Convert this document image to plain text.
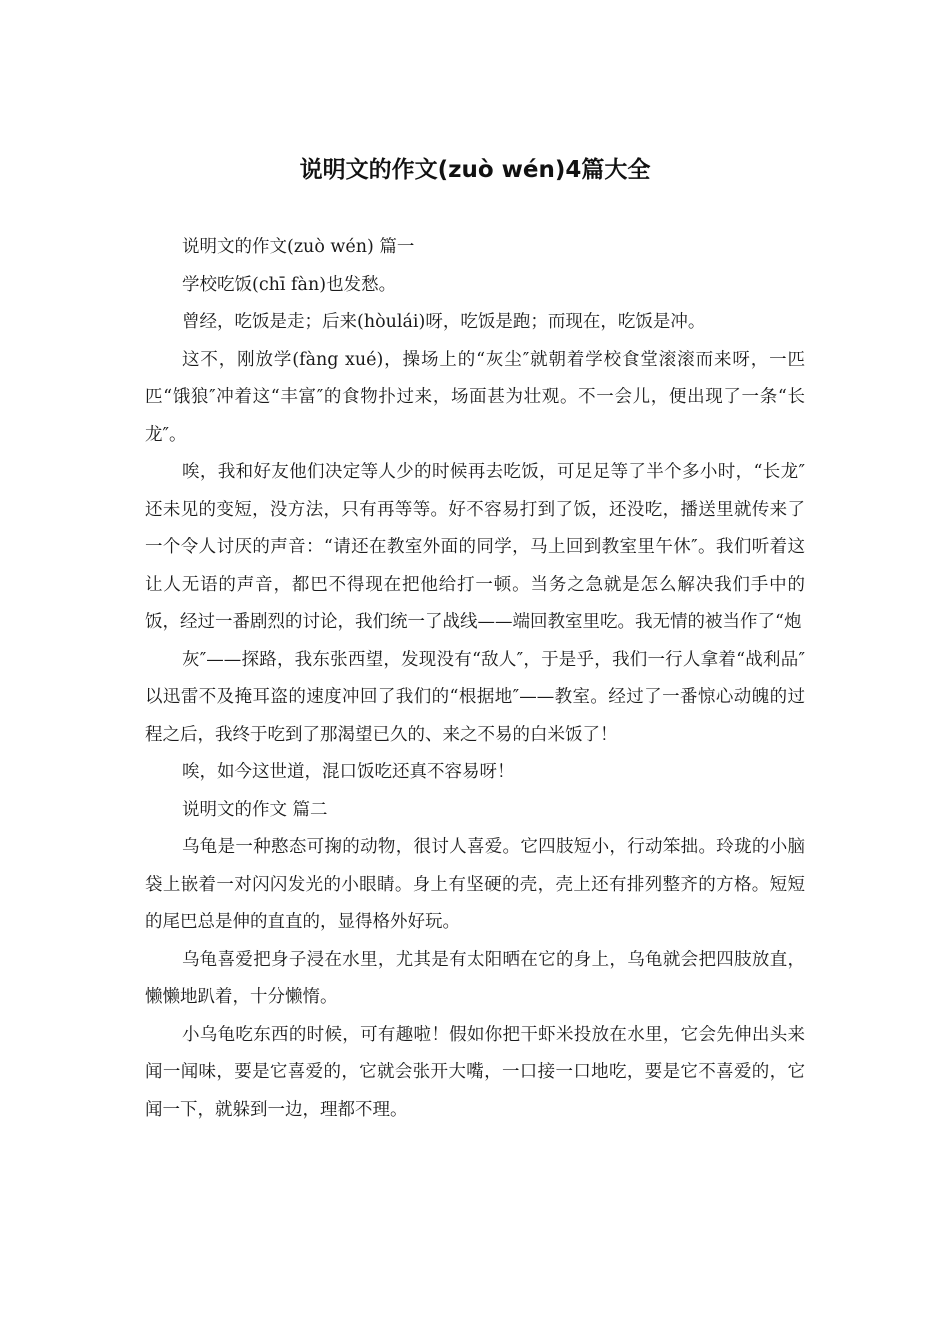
说明文的作文(zuò wén)4篇大全

说明文的作文(zuò wén) 篇一

学校吃饭(chī fàn)也发愁。

曾经，吃饭是走；后来(hòulái)呀，吃饭是跑；而现在，吃饭是冲。

这不，刚放学(fàng xué)，操场上的“灰尘″就朝着学校食堂滚滚而来呀，一匹匹“饿狼″冲着这“丰富″的食物扑过来，场面甚为壮观。不一会儿，便出现了一条“长龙″。

唉，我和好友他们决定等人少的时候再去吃饭，可足足等了半个多小时，“长龙″还未见的变短，没方法，只有再等等。好不容易打到了饭，还没吃，播送里就传来了一个令人讨厌的声音：“请还在教室外面的同学，马上回到教室里午休″。我们听着这让人无语的声音，都巴不得现在把他给打一顿。当务之急就是怎么解决我们手中的饭，经过一番剧烈的讨论，我们统一了战线——端回教室里吃。我无情的被当作了“炮

灰″——探路，我东张西望，发现没有“敌人″，于是乎，我们一行人拿着“战利品″以迅雷不及掩耳盗的速度冲回了我们的“根据地″——教室。经过了一番惊心动魄的过程之后，我终于吃到了那渴望已久的、来之不易的白米饭了！

唉，如今这世道，混口饭吃还真不容易呀！

说明文的作文 篇二

乌龟是一种憨态可掬的动物，很讨人喜爱。它四肢短小，行动笨拙。玲珑的小脑袋上嵌着一对闪闪发光的小眼睛。身上有坚硬的壳，壳上还有排列整齐的方格。短短的尾巴总是伸的直直的，显得格外好玩。

乌龟喜爱把身子浸在水里，尤其是有太阳晒在它的身上，乌龟就会把四肢放直，懒懒地趴着，十分懒惰。

小乌龟吃东西的时候，可有趣啦！假如你把干虾米投放在水里，它会先伸出头来闻一闻味，要是它喜爱的，它就会张开大嘴，一口接一口地吃，要是它不喜爱的，它闻一下，就躲到一边，理都不理。
